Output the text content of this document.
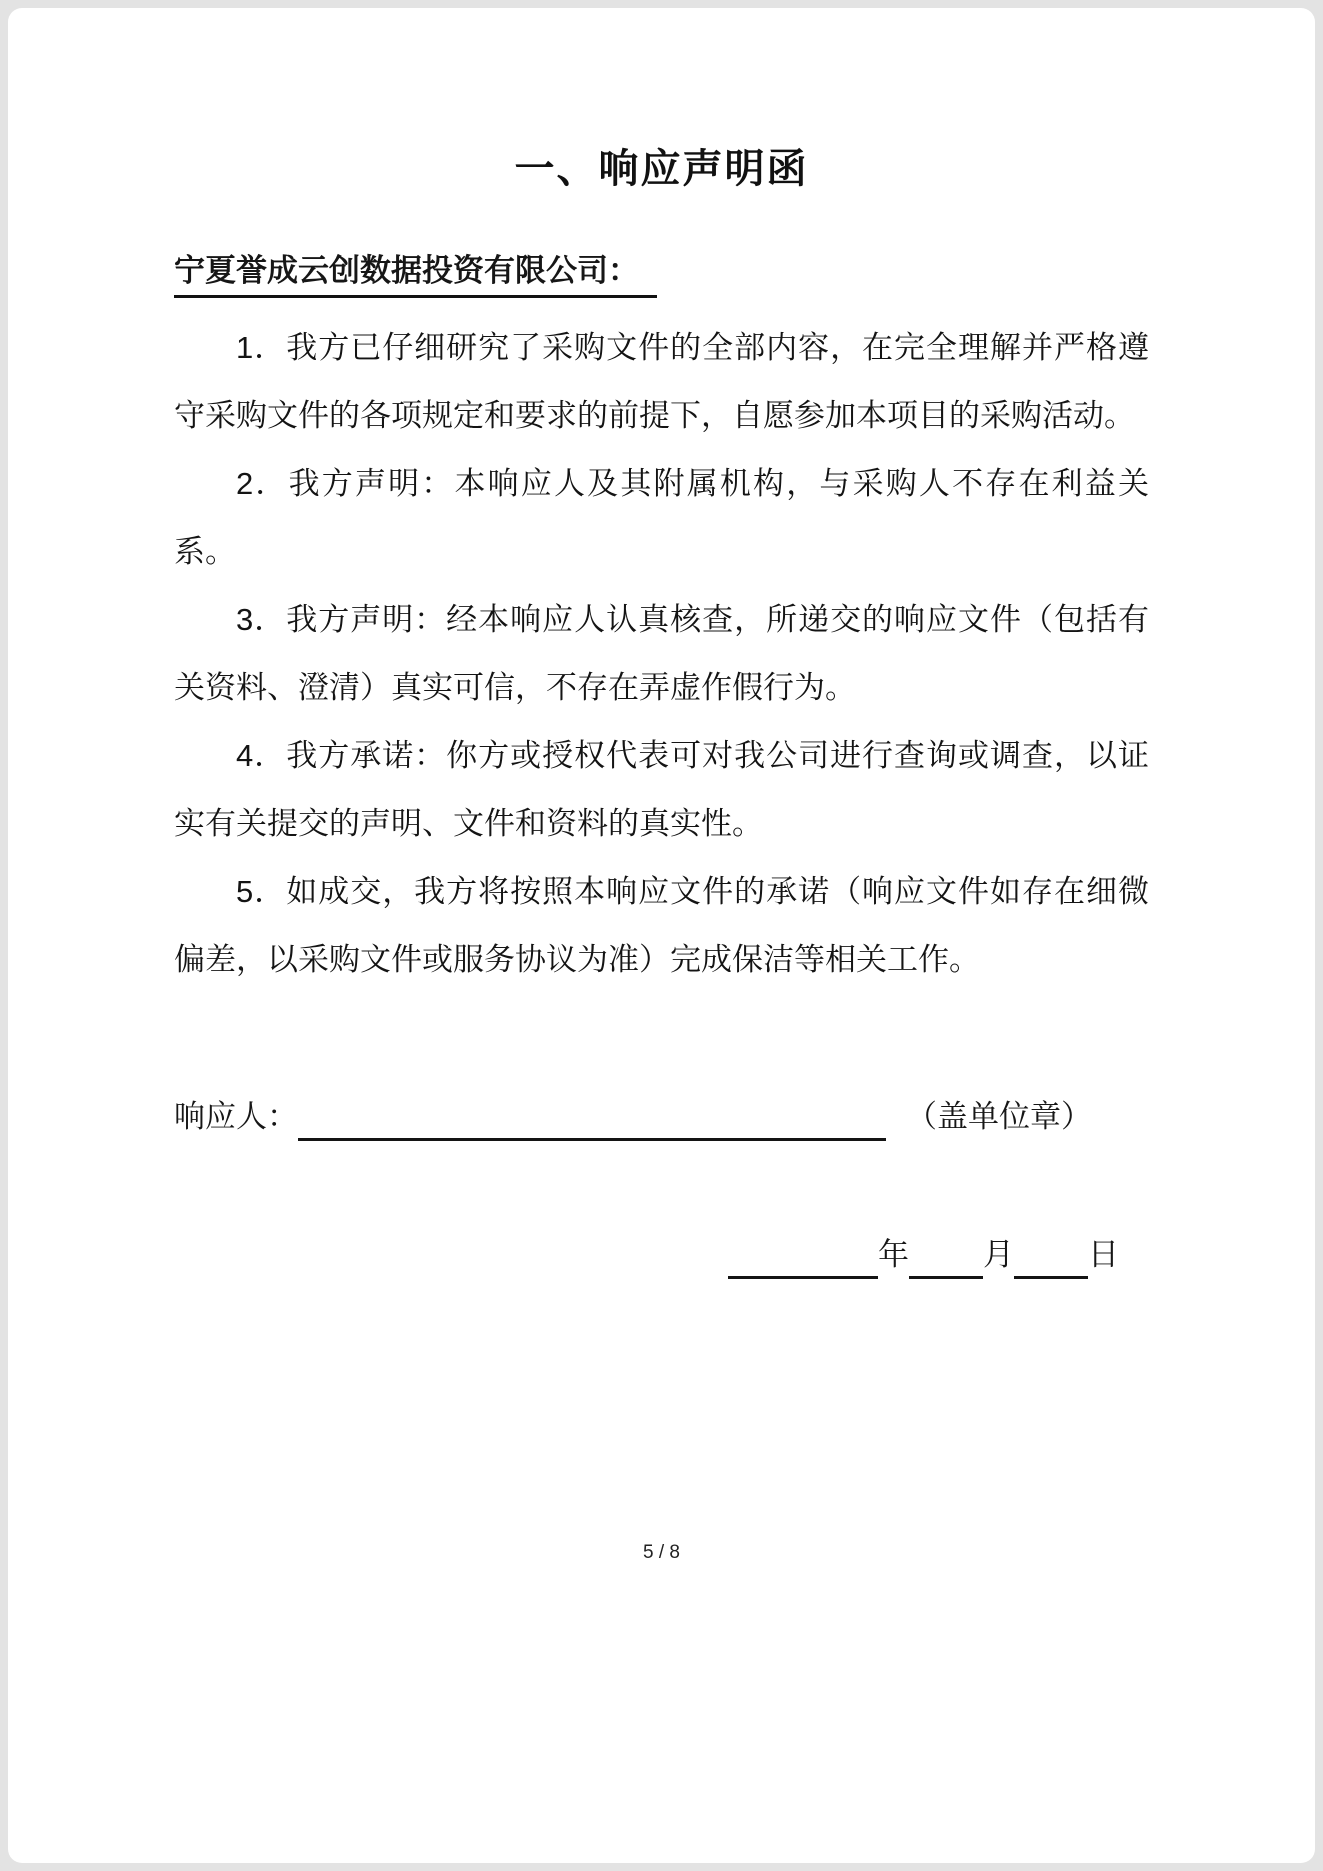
一、响应声明函
宁夏誉成云创数据投资有限公司：

1．我方已仔细研究了采购文件的全部内容，在完全理解并严格遵守采购文件的各项规定和要求的前提下，自愿参加本项目的采购活动。

2．我方声明：本响应人及其附属机构，与采购人不存在利益关系。

3．我方声明：经本响应人认真核查，所递交的响应文件（包括有关资料、澄清）真实可信，不存在弄虚作假行为。

4．我方承诺：你方或授权代表可对我公司进行查询或调查，以证实有关提交的声明、文件和资料的真实性。

5．如成交，我方将按照本响应文件的承诺（响应文件如存在细微偏差，以采购文件或服务协议为准）完成保洁等相关工作。

响应人：	（盖单位章）
年 月 日
5 / 8
